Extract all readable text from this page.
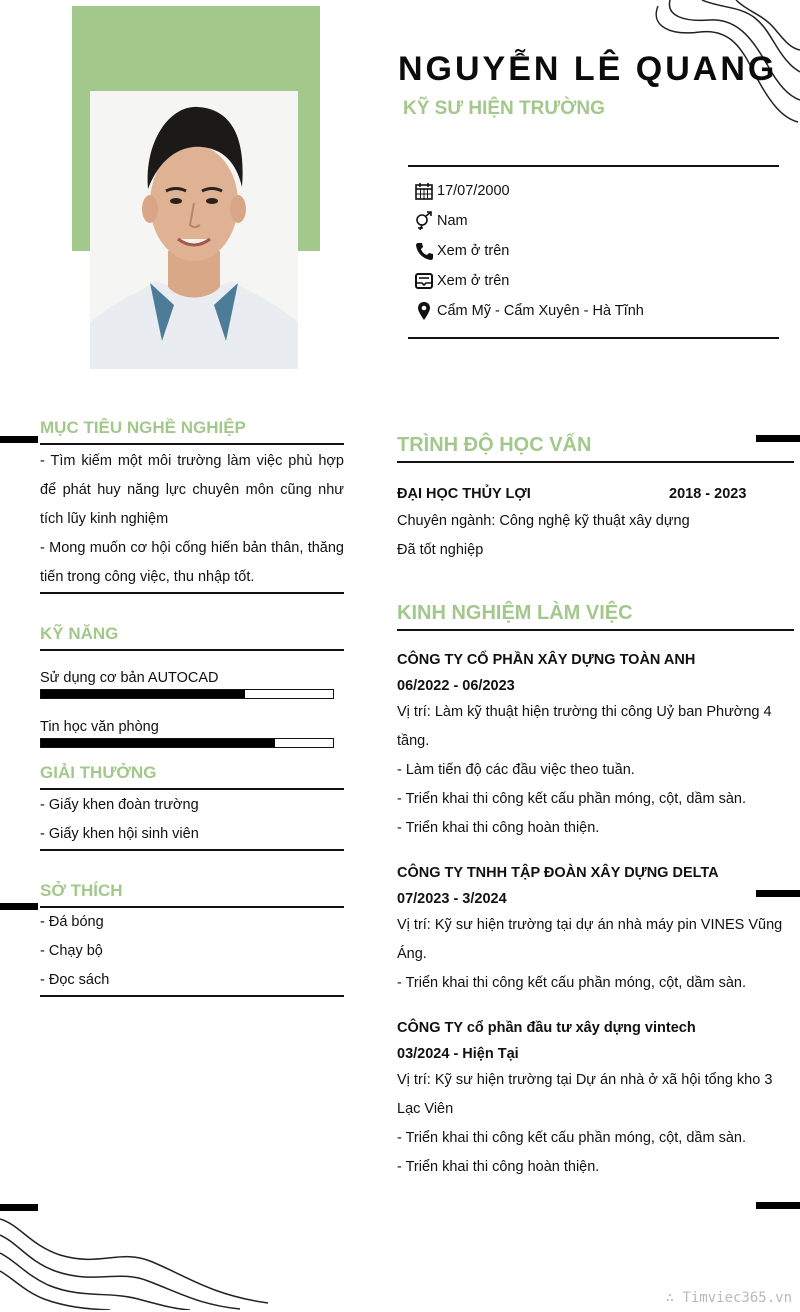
NGUYỄN LÊ QUANG
KỸ SƯ HIỆN TRƯỜNG
17/07/2000
Nam
Xem ở trên
Xem ở trên
Cẩm Mỹ - Cẩm Xuyên - Hà Tĩnh
MỤC TIÊU NGHỀ NGHIỆP
- Tìm kiếm một môi trường làm việc phù hợp để phát huy năng lực chuyên môn cũng như tích lũy kinh nghiệm
- Mong muốn cơ hội cống hiến bản thân, thăng tiến trong công việc, thu nhập tốt.
KỸ NĂNG
Sử dụng cơ bản AUTOCAD
Tin học văn phòng
GIẢI THƯỞNG
- Giấy khen đoàn trường
- Giấy khen hội sinh viên
SỞ THÍCH
- Đá bóng
- Chạy bộ
- Đọc sách
TRÌNH ĐỘ HỌC VẤN
ĐẠI HỌC THỦY LỢI	2018 - 2023
Chuyên ngành: Công nghệ kỹ thuật xây dựng
Đã tốt nghiệp
KINH NGHIỆM LÀM VIỆC
CÔNG TY CỔ PHẦN XÂY DỰNG TOÀN ANH
06/2022 - 06/2023
Vị trí: Làm kỹ thuật hiện trường thi công Uỷ ban Phường 4 tầng.
- Làm tiến độ các đầu việc theo tuần.
- Triển khai thi công kết cấu phần móng, cột, dầm sàn.
- Triển khai thi công hoàn thiện.
CÔNG TY TNHH TẬP ĐOÀN XÂY DỰNG DELTA
07/2023 - 3/2024
Vị trí: Kỹ sư hiện trường tại dự án nhà máy pin VINES Vũng Áng.
- Triển khai thi công kết cấu phần móng, cột, dầm sàn.
CÔNG TY cổ phần đầu tư xây dựng vintech
03/2024 - Hiện Tại
Vị trí: Kỹ sư hiện trường tại Dự án nhà ở xã hội tổng kho 3 Lạc Viên
- Triển khai thi công kết cấu phần móng, cột, dầm sàn.
- Triển khai thi công hoàn thiện.
∴ Timviec365.vn
